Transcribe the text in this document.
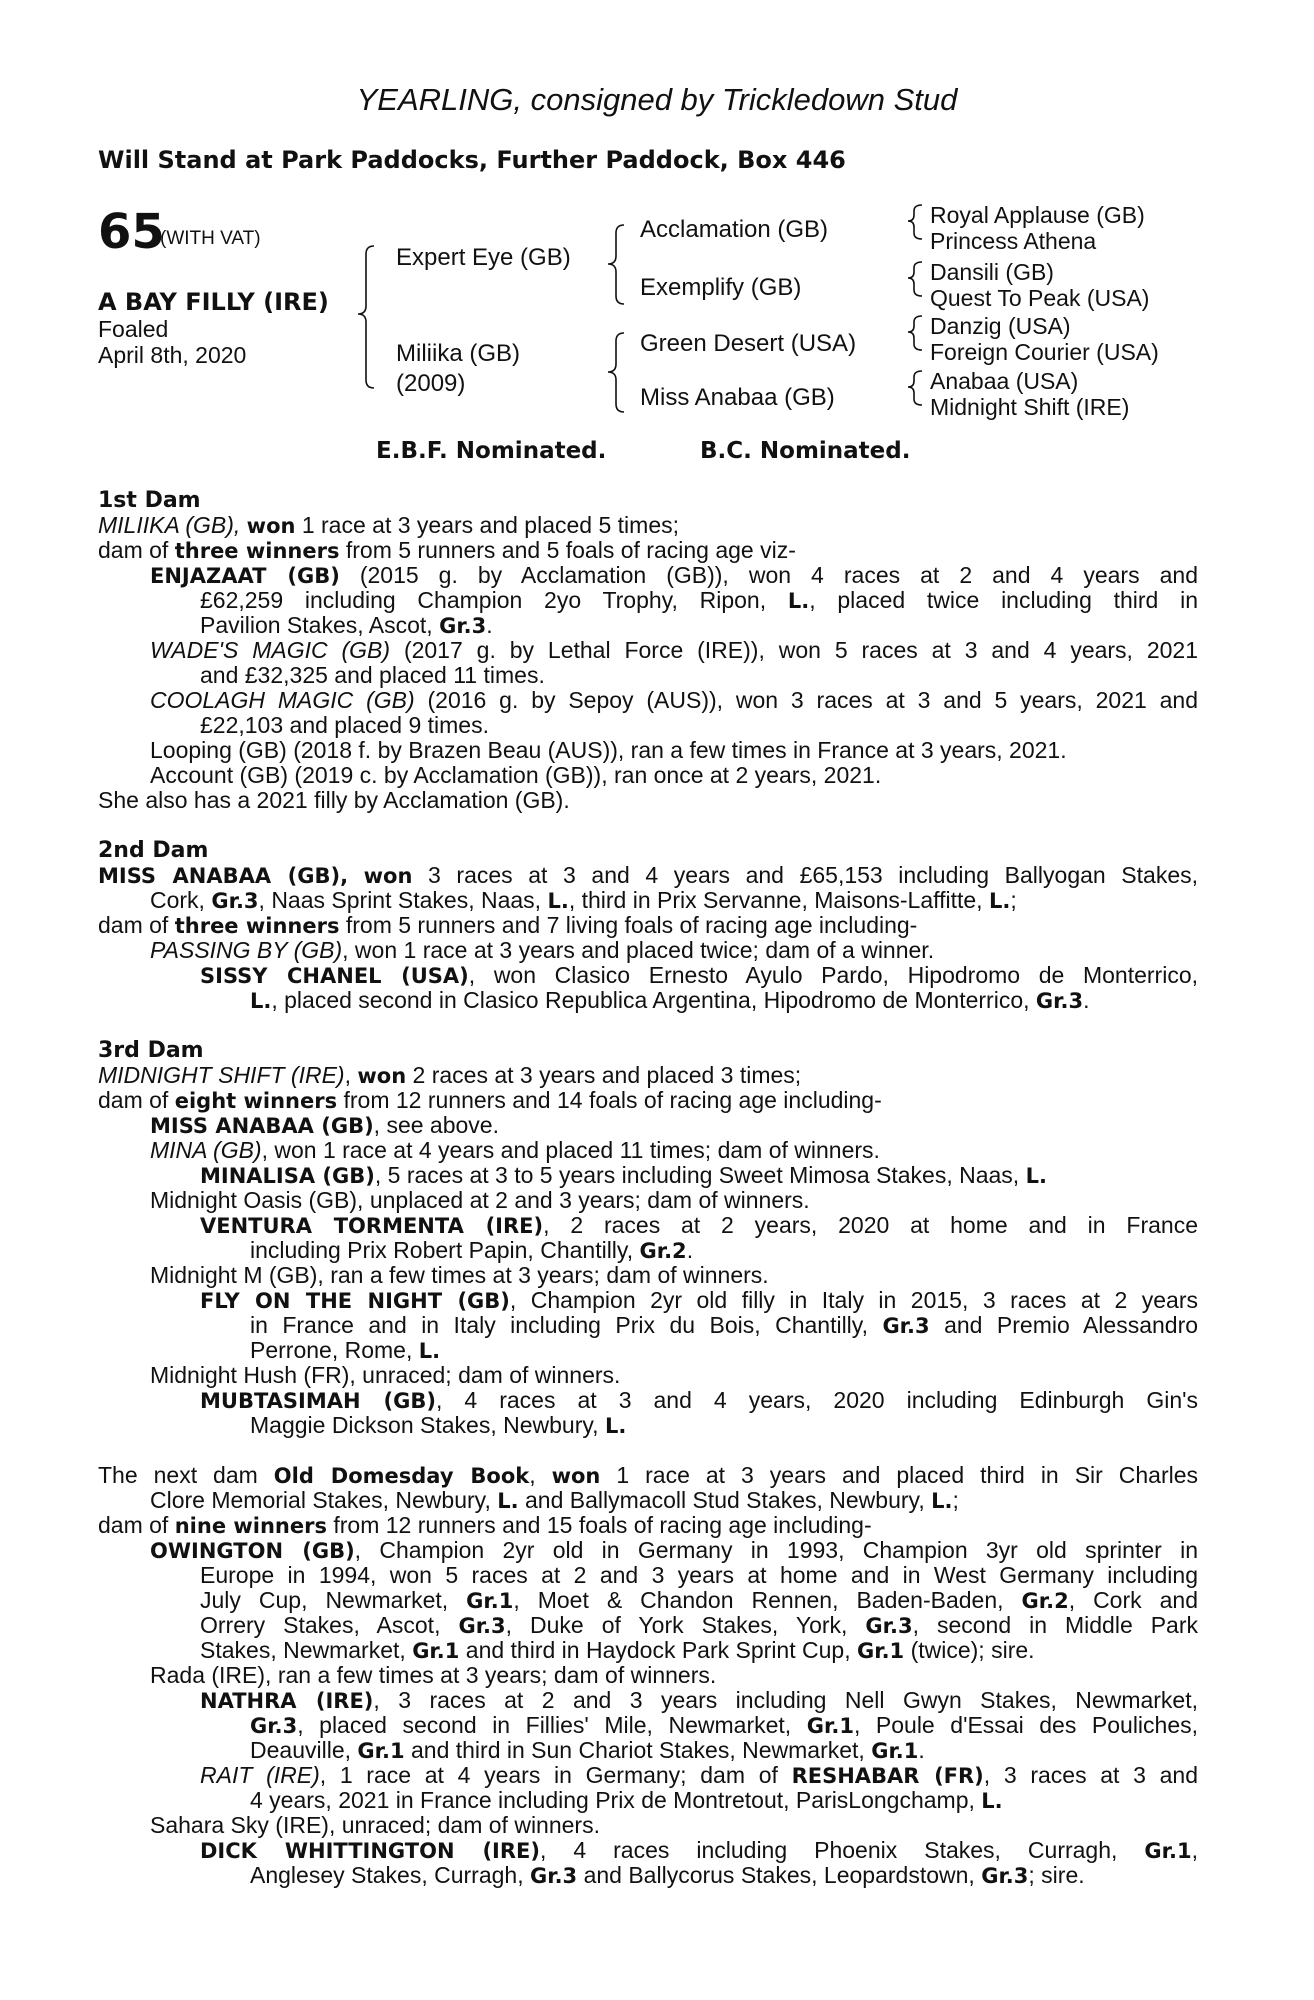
YEARLING, consigned by Trickledown Stud
Will Stand at Park Paddocks, Further Paddock, Box 446
65
(WITH VAT)
A BAY FILLY (IRE)
Foaled
April 8th, 2020
Expert Eye (GB)
Miliika (GB)
(2009)
Acclamation (GB)
Exemplify (GB)
Green Desert (USA)
Miss Anabaa (GB)
Royal Applause (GB)
Princess Athena
Dansili (GB)
Quest To Peak (USA)
Danzig (USA)
Foreign Courier (USA)
Anabaa (USA)
Midnight Shift (IRE)
E.B.F. Nominated.	B.C. Nominated.
1st Dam
MILIIKA (GB), won 1 race at 3 years and placed 5 times;
dam of three winners from 5 runners and 5 foals of racing age viz-
ENJAZAAT (GB) (2015 g. by Acclamation (GB)), won 4 races at 2 and 4 years and
£62,259 including Champion 2yo Trophy, Ripon, L., placed twice including third in
Pavilion Stakes, Ascot, Gr.3.
WADE'S MAGIC (GB) (2017 g. by Lethal Force (IRE)), won 5 races at 3 and 4 years, 2021
and £32,325 and placed 11 times.
COOLAGH MAGIC (GB) (2016 g. by Sepoy (AUS)), won 3 races at 3 and 5 years, 2021 and
£22,103 and placed 9 times.
Looping (GB) (2018 f. by Brazen Beau (AUS)), ran a few times in France at 3 years, 2021.
Account (GB) (2019 c. by Acclamation (GB)), ran once at 2 years, 2021.
She also has a 2021 filly by Acclamation (GB).
2nd Dam
MISS ANABAA (GB), won 3 races at 3 and 4 years and £65,153 including Ballyogan Stakes,
Cork, Gr.3, Naas Sprint Stakes, Naas, L., third in Prix Servanne, Maisons-Laffitte, L.;
dam of three winners from 5 runners and 7 living foals of racing age including-
PASSING BY (GB), won 1 race at 3 years and placed twice; dam of a winner.
SISSY CHANEL (USA), won Clasico Ernesto Ayulo Pardo, Hipodromo de Monterrico,
L., placed second in Clasico Republica Argentina, Hipodromo de Monterrico, Gr.3.
3rd Dam
MIDNIGHT SHIFT (IRE), won 2 races at 3 years and placed 3 times;
dam of eight winners from 12 runners and 14 foals of racing age including-
MISS ANABAA (GB), see above.
MINA (GB), won 1 race at 4 years and placed 11 times; dam of winners.
MINALISA (GB), 5 races at 3 to 5 years including Sweet Mimosa Stakes, Naas, L.
Midnight Oasis (GB), unplaced at 2 and 3 years; dam of winners.
VENTURA TORMENTA (IRE), 2 races at 2 years, 2020 at home and in France
including Prix Robert Papin, Chantilly, Gr.2.
Midnight M (GB), ran a few times at 3 years; dam of winners.
FLY ON THE NIGHT (GB), Champion 2yr old filly in Italy in 2015, 3 races at 2 years
in France and in Italy including Prix du Bois, Chantilly, Gr.3 and Premio Alessandro
Perrone, Rome, L.
Midnight Hush (FR), unraced; dam of winners.
MUBTASIMAH (GB), 4 races at 3 and 4 years, 2020 including Edinburgh Gin's
Maggie Dickson Stakes, Newbury, L.
The next dam Old Domesday Book, won 1 race at 3 years and placed third in Sir Charles
Clore Memorial Stakes, Newbury, L. and Ballymacoll Stud Stakes, Newbury, L.;
dam of nine winners from 12 runners and 15 foals of racing age including-
OWINGTON (GB), Champion 2yr old in Germany in 1993, Champion 3yr old sprinter in
Europe in 1994, won 5 races at 2 and 3 years at home and in West Germany including
July Cup, Newmarket, Gr.1, Moet & Chandon Rennen, Baden-Baden, Gr.2, Cork and
Orrery Stakes, Ascot, Gr.3, Duke of York Stakes, York, Gr.3, second in Middle Park
Stakes, Newmarket, Gr.1 and third in Haydock Park Sprint Cup, Gr.1 (twice); sire.
Rada (IRE), ran a few times at 3 years; dam of winners.
NATHRA (IRE), 3 races at 2 and 3 years including Nell Gwyn Stakes, Newmarket,
Gr.3, placed second in Fillies' Mile, Newmarket, Gr.1, Poule d'Essai des Pouliches,
Deauville, Gr.1 and third in Sun Chariot Stakes, Newmarket, Gr.1.
RAIT (IRE), 1 race at 4 years in Germany; dam of RESHABAR (FR), 3 races at 3 and
4 years, 2021 in France including Prix de Montretout, ParisLongchamp, L.
Sahara Sky (IRE), unraced; dam of winners.
DICK WHITTINGTON (IRE), 4 races including Phoenix Stakes, Curragh, Gr.1,
Anglesey Stakes, Curragh, Gr.3 and Ballycorus Stakes, Leopardstown, Gr.3; sire.
